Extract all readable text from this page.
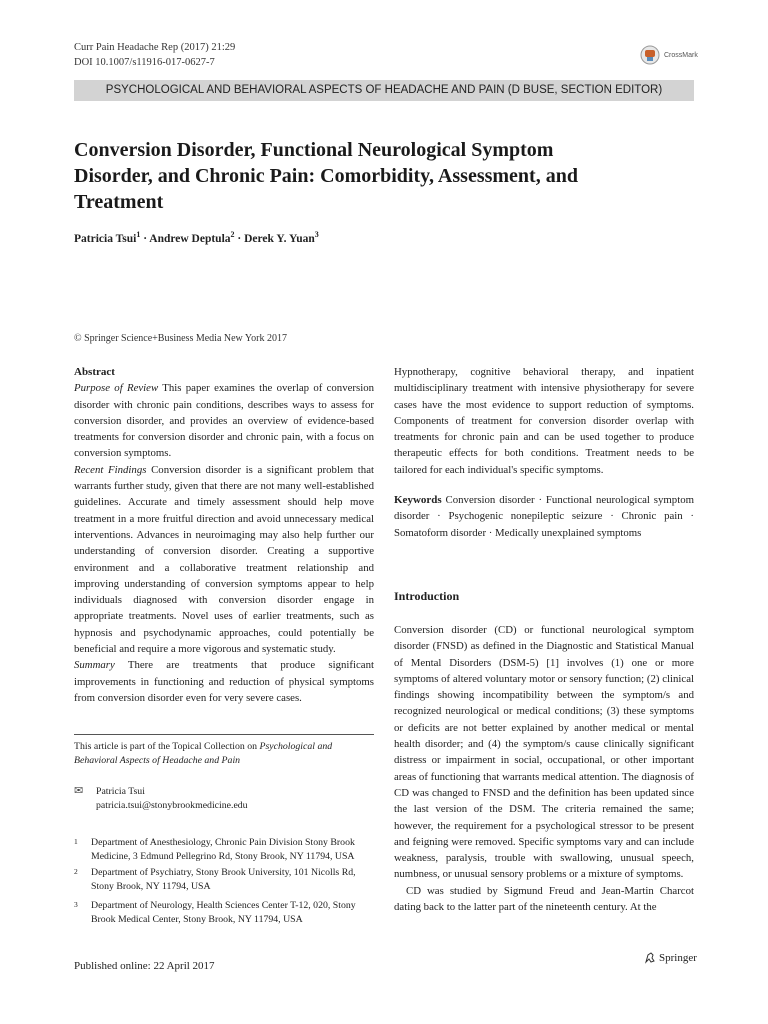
Curr Pain Headache Rep (2017) 21:29
DOI 10.1007/s11916-017-0627-7
CrossMark
PSYCHOLOGICAL AND BEHAVIORAL ASPECTS OF HEADACHE AND PAIN (D BUSE, SECTION EDITOR)
Conversion Disorder, Functional Neurological Symptom Disorder, and Chronic Pain: Comorbidity, Assessment, and Treatment
Patricia Tsui$^1$ · Andrew Deptula$^2$ · Derek Y. Yuan$^3$
© Springer Science+Business Media New York 2017

Abstract

Purpose of Review This paper examines the overlap of conversion disorder with chronic pain conditions, describes ways to assess for conversion disorder, and provides an overview of evidence-based treatments for conversion disorder and chronic pain, with a focus on conversion symptoms.

Recent Findings Conversion disorder is a significant problem that warrants further study, given that there are not many well-established guidelines. Accurate and timely assessment should help move treatment in a more fruitful direction and avoid unnecessary medical interventions. Advances in neuroimaging may also help further our understanding of conversion disorder. Creating a supportive environment and a collaborative treatment relationship and improving understanding of conversion symptoms appear to help individuals diagnosed with conversion disorder engage in appropriate treatments. Novel uses of earlier treatments, such as hypnosis and psychodynamic approaches, could potentially be beneficial and require a more vigorous and systematic study.

Summary There are treatments that produce significant improvements in functioning and reduction of physical symptoms from conversion disorder even for very severe cases.

This article is part of the Topical Collection on Psychological and Behavioral Aspects of Headache and Pain
✉ Patricia Tsui
patricia.tsui@stonybrookmedicine.edu
1	Department of Anesthesiology, Chronic Pain Division Stony Brook Medicine, 3 Edmund Pellegrino Rd, Stony Brook, NY 11794, USA
2	Department of Psychiatry, Stony Brook University, 101 Nicolls Rd, Stony Brook, NY 11794, USA
3	Department of Neurology, Health Sciences Center T-12, 020, Stony Brook Medical Center, Stony Brook, NY 11794, USA
Hypnotherapy, cognitive behavioral therapy, and inpatient multidisciplinary treatment with intensive physiotherapy for severe cases have the most evidence to support reduction of symptoms. Components of treatment for conversion disorder overlap with treatments for chronic pain and can be used together to produce therapeutic effects for both conditions. Treatment needs to be tailored for each individual's specific symptoms.
Keywords Conversion disorder · Functional neurological symptom disorder · Psychogenic nonepileptic seizure · Chronic pain · Somatoform disorder · Medically unexplained symptoms
Introduction

Conversion disorder (CD) or functional neurological symptom disorder (FNSD) as defined in the Diagnostic and Statistical Manual of Mental Disorders (DSM-5) [1] involves (1) one or more symptoms of altered voluntary motor or sensory function; (2) clinical findings showing incompatibility between the symptom/s and recognized neurological or medical conditions; (3) these symptoms or deficits are not better explained by another medical or mental health disorder; and (4) the symptom/s cause clinically significant distress or impairment in social, occupational, or other important areas of functioning that warrants medical attention. The diagnosis of CD was changed to FNSD and the definition has been updated since the last version of the DSM. The criteria remained the same; however, the requirement for a psychological stressor to be present and feigning were removed. Specific symptoms vary and can include weakness, paralysis, trouble with swallowing, unusual speech, numbness, or unusual sensory problems or a mixture of symptoms.

CD was studied by Sigmund Freud and Jean-Martin Charcot dating back to the latter part of the nineteenth century. At the

Published online: 22 April 2017
Springer
